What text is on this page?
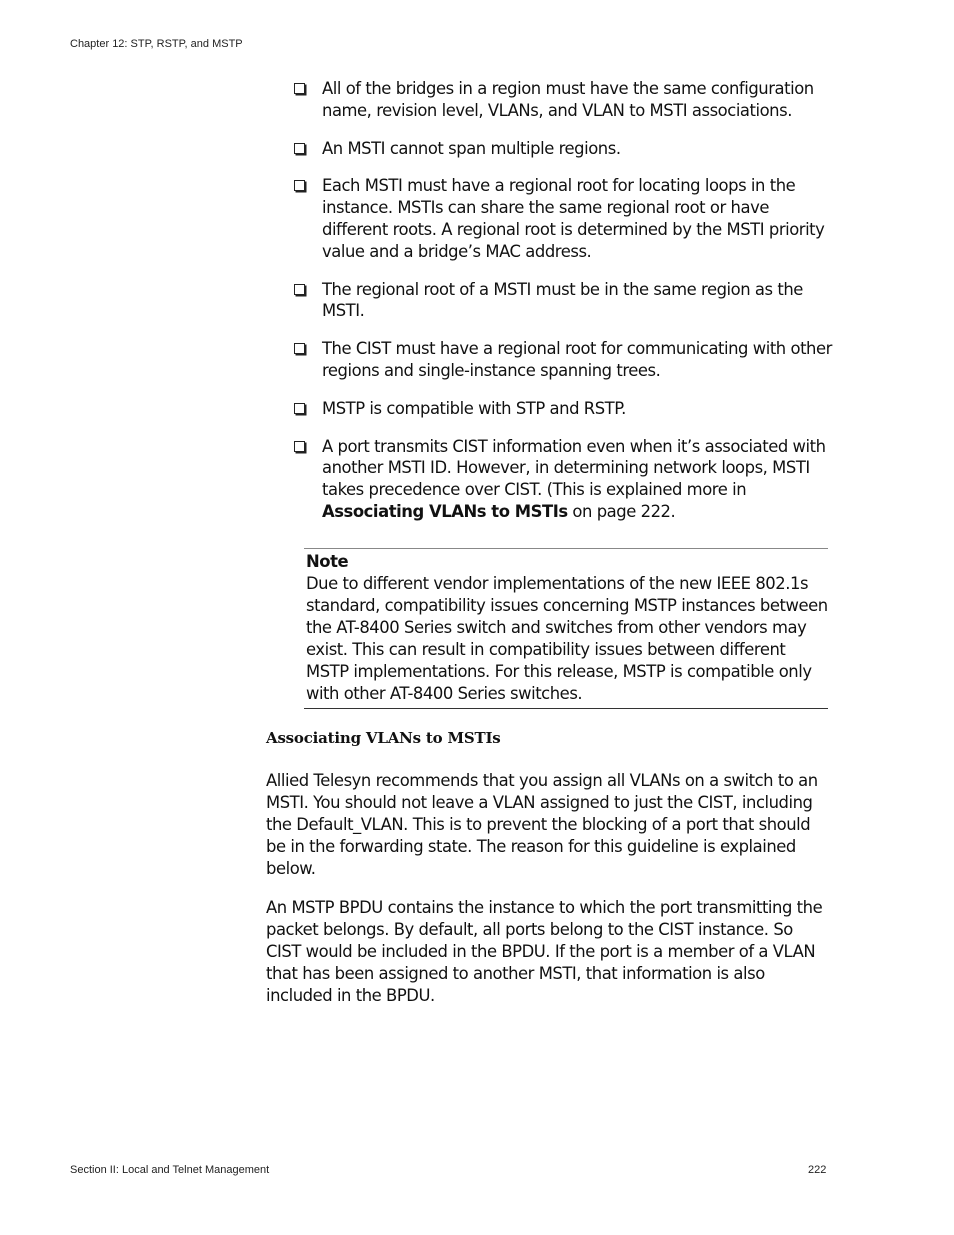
Chapter 12: STP, RSTP, and MSTP
All of the bridges in a region must have the same configuration name, revision level, VLANs, and VLAN to MSTI associations.
An MSTI cannot span multiple regions.
Each MSTI must have a regional root for locating loops in the instance. MSTIs can share the same regional root or have different roots. A regional root is determined by the MSTI priority value and a bridge’s MAC address.
The regional root of a MSTI must be in the same region as the MSTI.
The CIST must have a regional root for communicating with other regions and single-instance spanning trees.
MSTP is compatible with STP and RSTP.
A port transmits CIST information even when it’s associated with another MSTI ID. However, in determining network loops, MSTI takes precedence over CIST. (This is explained more in Associating VLANs to MSTIs on page 222.
Note
Due to different vendor implementations of the new IEEE 802.1s standard, compatibility issues concerning MSTP instances between the AT-8400 Series switch and switches from other vendors may exist. This can result in compatibility issues between different MSTP implementations. For this release, MSTP is compatible only with other AT-8400 Series switches.
Associating VLANs to MSTIs

Allied Telesyn recommends that you assign all VLANs on a switch to an MSTI. You should not leave a VLAN assigned to just the CIST, including the Default_VLAN. This is to prevent the blocking of a port that should be in the forwarding state. The reason for this guideline is explained below.

An MSTP BPDU contains the instance to which the port transmitting the packet belongs. By default, all ports belong to the CIST instance. So CIST would be included in the BPDU. If the port is a member of a VLAN that has been assigned to another MSTI, that information is also included in the BPDU.

Section II: Local and Telnet Management	222
